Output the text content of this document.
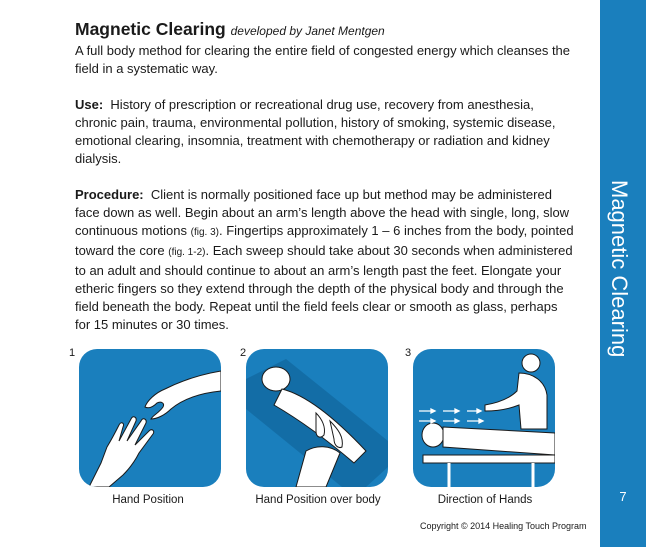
Magnetic Clearing developed by Janet Mentgen

A full body method for clearing the entire field of congested energy which cleanses the field in a systematic way.

Use: History of prescription or recreational drug use, recovery from anesthesia, chronic pain, trauma, environmental pollution, history of smoking, systemic disease, emotional clearing, insomnia, treatment with chemotherapy or radiation and kidney dialysis.

Procedure: Client is normally positioned face up but method may be administered face down as well. Begin about an arm’s length above the head with single, long, slow continuous motions (fig. 3). Fingertips approximately 1 – 6 inches from the body, pointed toward the core (fig. 1-2). Each sweep should take about 30 seconds when administered to an adult and should continue to about an arm’s length past the feet. Elongate your etheric fingers so they extend through the depth of the physical body and through the field beneath the body. Repeat until the field feels clear or smooth as glass, perhaps for 15 minutes or 30 times.

1
Hand Position
2
Hand Position over body
3
Direction of Hands
Copyright © 2014 Healing Touch Program
Magnetic Clearing
7
